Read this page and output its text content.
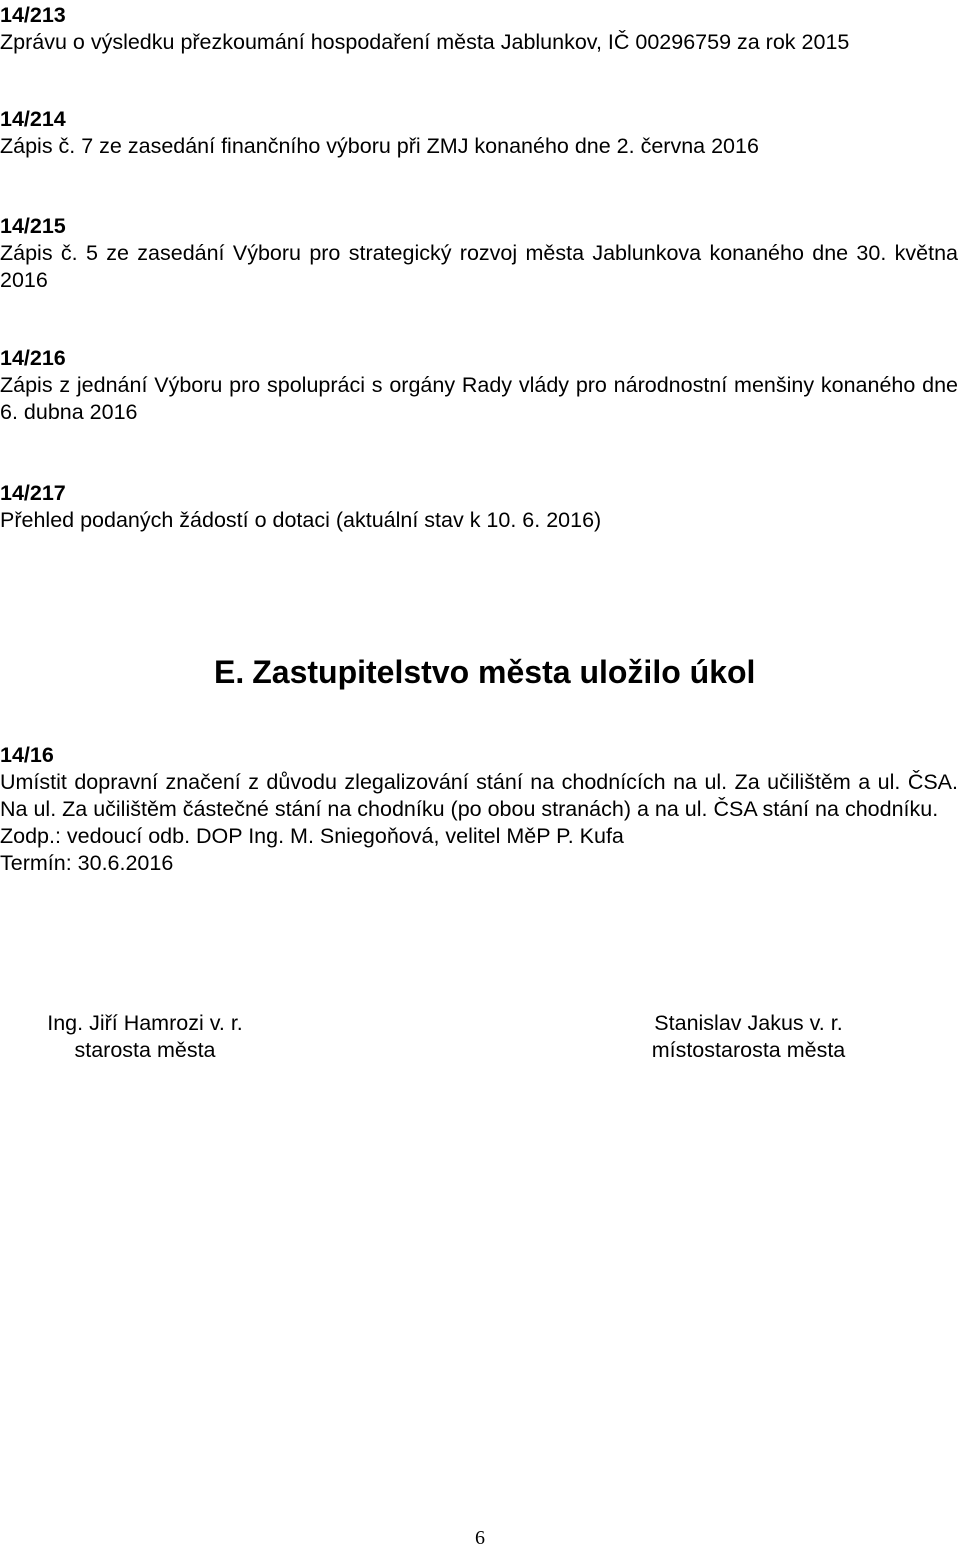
14/213
Zprávu o výsledku přezkoumání hospodaření města Jablunkov, IČ 00296759 za rok 2015
14/214
Zápis č. 7 ze zasedání finančního výboru při ZMJ konaného dne 2. června 2016
14/215
Zápis č. 5 ze zasedání Výboru pro strategický rozvoj města Jablunkova konaného dne 30. května 2016
14/216
Zápis z jednání Výboru pro spolupráci s orgány Rady vlády pro národnostní menšiny konaného dne 6. dubna 2016
14/217
Přehled podaných žádostí o dotaci (aktuální stav k 10. 6. 2016)
E. Zastupitelstvo města uložilo úkol
14/16
Umístit dopravní značení z důvodu zlegalizování stání na chodnících na ul. Za učilištěm a ul. ČSA. Na ul. Za učilištěm částečné stání na chodníku (po obou stranách) a na ul. ČSA stání na chodníku.
Zodp.: vedoucí odb. DOP Ing. M. Sniegoňová, velitel MěP P. Kufa
Termín: 30.6.2016
Ing. Jiří Hamrozi v. r.
starosta města
Stanislav Jakus v. r.
místostarosta města
6
